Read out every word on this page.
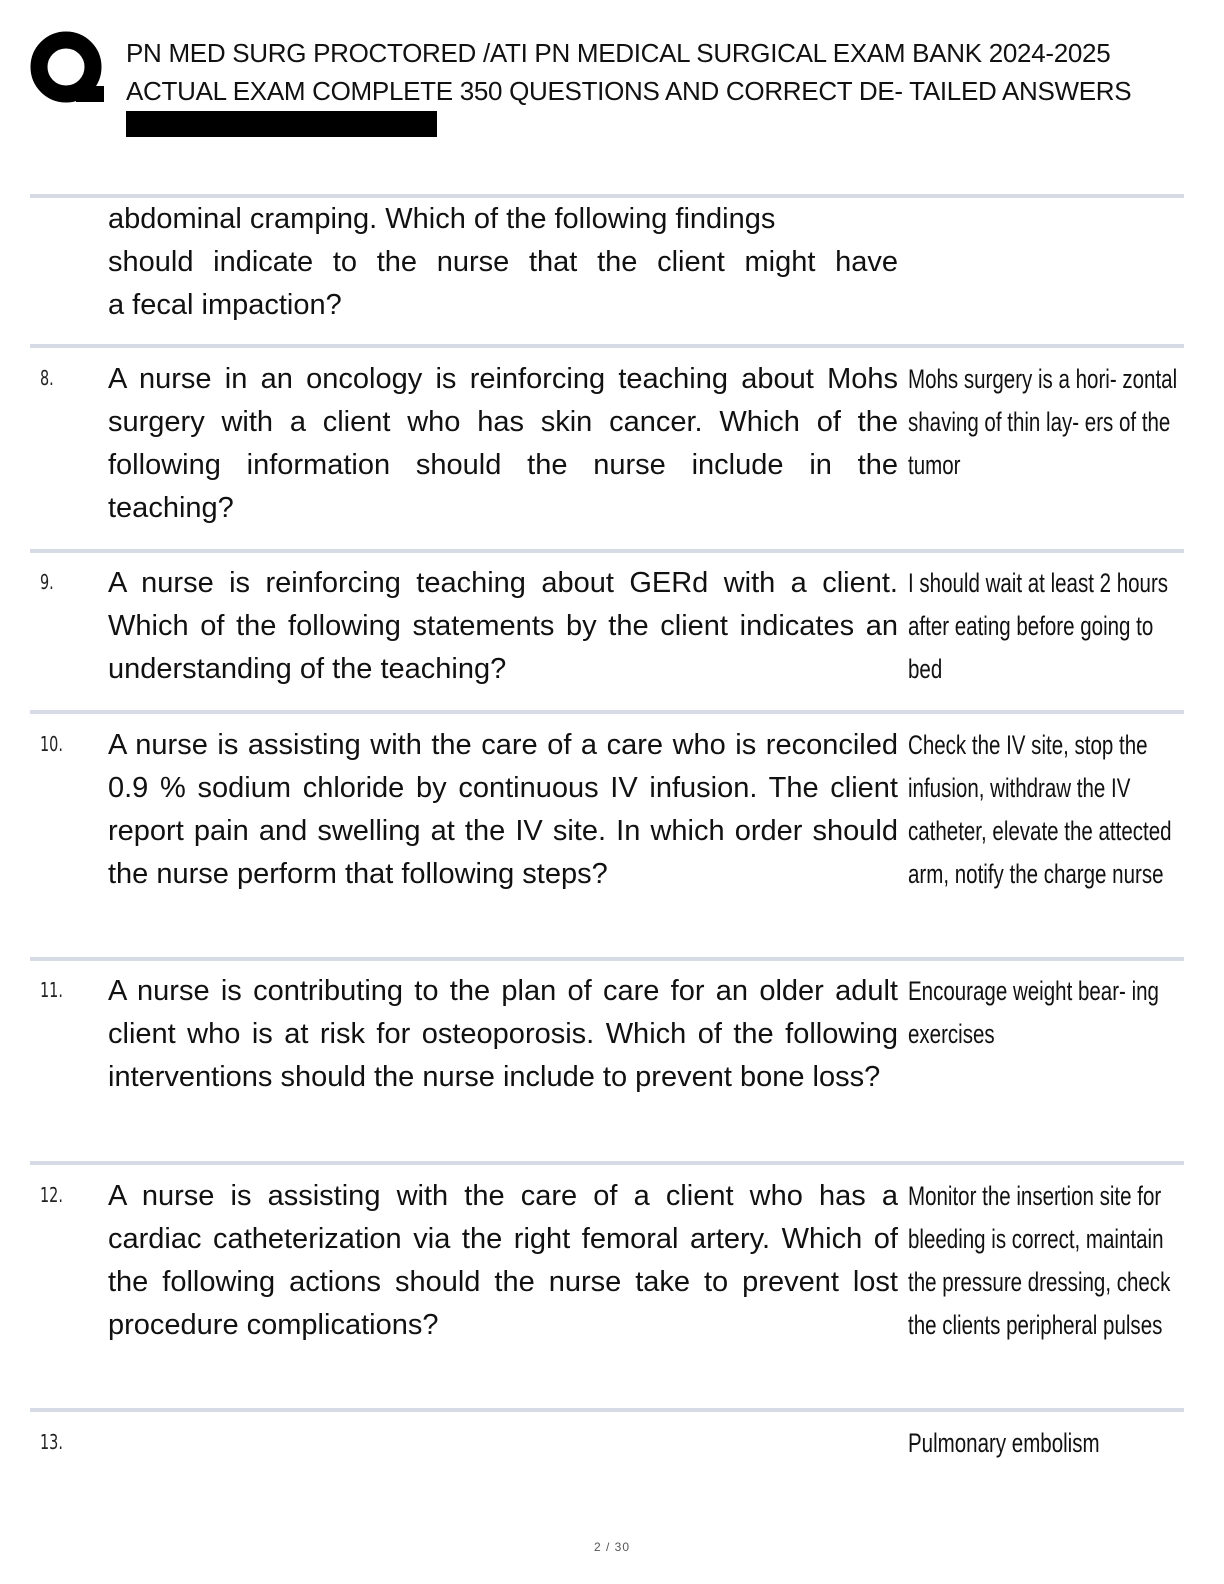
PN MED SURG PROCTORED /ATI PN MEDICAL SURGICAL EXAM BANK 2024-2025
ACTUAL EXAM COMPLETE 350 QUESTIONS AND CORRECT DE- TAILED ANSWERS
abdominal cramping. Which of the following findings
should indicate to the nurse that the client might have
a fecal impaction?
8. A nurse in an oncology is reinforcing teaching about Mohs surgery with a client who has skin cancer. Which of the following information should the nurse include in the teaching?
Mohs surgery is a hori- zontal shaving of thin lay- ers of the tumor
9. A nurse is reinforcing teaching about GERd with a client. Which of the following statements by the client indicates an understanding of the teaching?
I should wait at least 2 hours after eating before going to bed
10. A nurse is assisting with the care of a care who is reconciled 0.9 % sodium chloride by continuous IV infusion. The client report pain and swelling at the IV site. In which order should the nurse perform that following steps?
Check the IV site, stop the infusion, withdraw the IV catheter, elevate the attected arm, notify the charge nurse
11. A nurse is contributing to the plan of care for an older adult client who is at risk for osteoporosis. Which of the following interventions should the nurse include to prevent bone loss?
Encourage weight bear- ing exercises
12. A nurse is assisting with the care of a client who has a cardiac catheterization via the right femoral artery. Which of the following actions should the nurse take to prevent lost procedure complications?
Monitor the insertion site for bleeding is correct, maintain the pressure dressing, check the clients peripheral pulses
13.	Pulmonary embolism
2 / 30
